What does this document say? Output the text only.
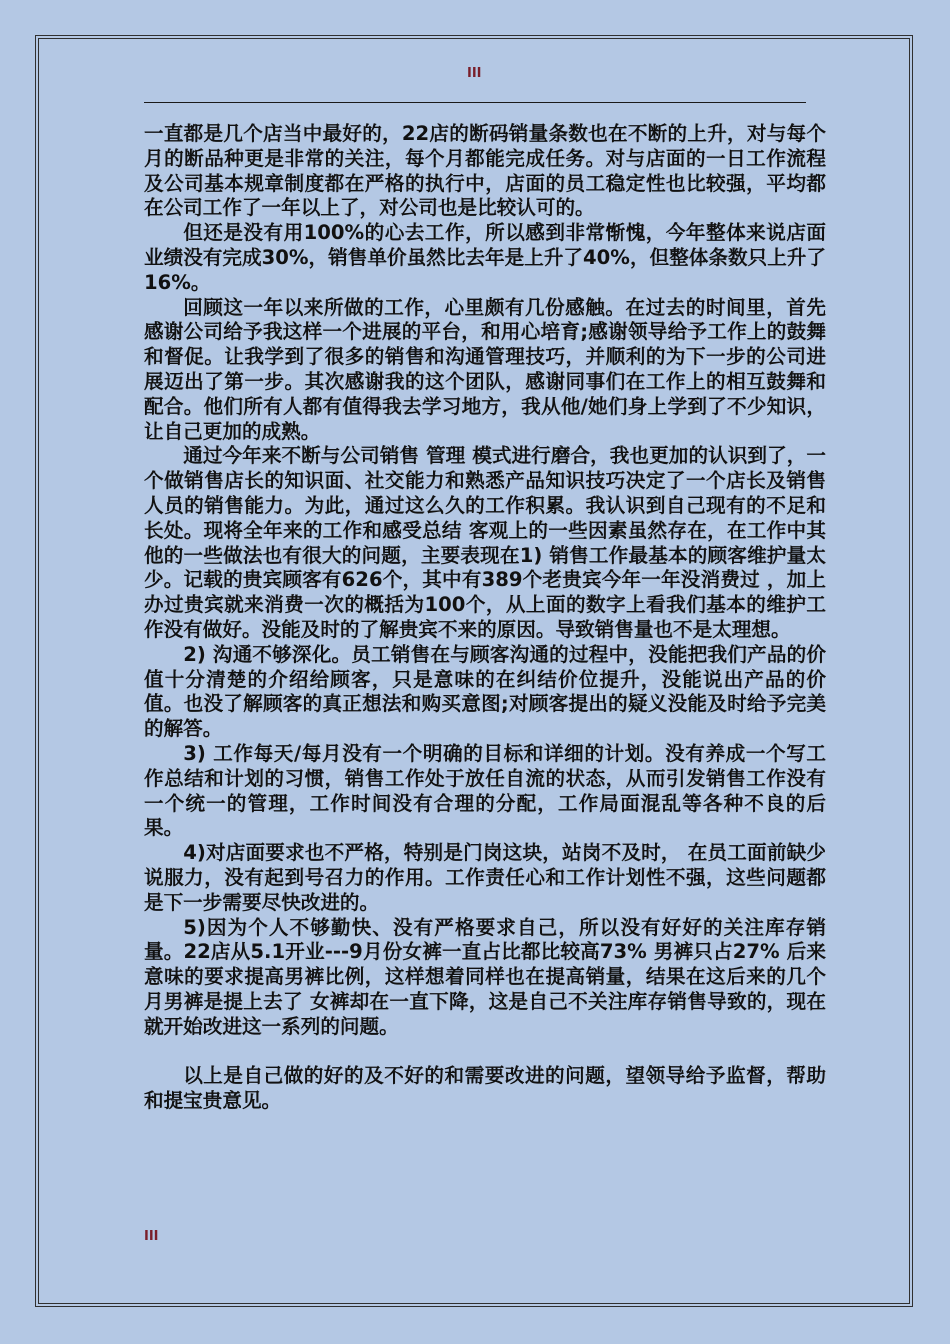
III

一直都是几个店当中最好的，22店的断码销量条数也在不断的上升，对与每个月的断品种更是非常的关注，每个月都能完成任务。对与店面的一日工作流程及公司基本规章制度都在严格的执行中，店面的员工稳定性也比较强，平均都在公司工作了一年以上了，对公司也是比较认可的。

但还是没有用100%的心去工作，所以感到非常惭愧，今年整体来说店面业绩没有完成30%，销售单价虽然比去年是上升了40%，但整体条数只上升了16%。

回顾这一年以来所做的工作，心里颇有几份感触。在过去的时间里，首先感谢公司给予我这样一个进展的平台，和用心培育;感谢领导给予工作上的鼓舞和督促。让我学到了很多的销售和沟通管理技巧，并顺利的为下一步的公司进展迈出了第一步。其次感谢我的这个团队，感谢同事们在工作上的相互鼓舞和配合。他们所有人都有值得我去学习地方，我从他/她们身上学到了不少知识，让自己更加的成熟。

通过今年来不断与公司销售 管理 模式进行磨合，我也更加的认识到了，一个做销售店长的知识面、社交能力和熟悉产品知识技巧决定了一个店长及销售人员的销售能力。为此，通过这么久的工作积累。我认识到自己现有的不足和长处。现将全年来的工作和感受总结 客观上的一些因素虽然存在，在工作中其他的一些做法也有很大的问题，主要表现在1) 销售工作最基本的顾客维护量太少。记载的贵宾顾客有626个，其中有389个老贵宾今年一年没消费过 ，加上办过贵宾就来消费一次的概括为100个，从上面的数字上看我们基本的维护工作没有做好。没能及时的了解贵宾不来的原因。导致销售量也不是太理想。

2) 沟通不够深化。员工销售在与顾客沟通的过程中，没能把我们产品的价值十分清楚的介绍给顾客，只是意味的在纠结价位提升，没能说出产品的价值。也没了解顾客的真正想法和购买意图;对顾客提出的疑义没能及时给予完美的解答。

3) 工作每天/每月没有一个明确的目标和详细的计划。没有养成一个写工作总结和计划的习惯，销售工作处于放任自流的状态，从而引发销售工作没有一个统一的管理，工作时间没有合理的分配，工作局面混乱等各种不良的后果。

4)对店面要求也不严格，特别是门岗这块，站岗不及时， 在员工面前缺少说服力，没有起到号召力的作用。工作责任心和工作计划性不强，这些问题都是下一步需要尽快改进的。

5)因为个人不够勤快、没有严格要求自己，所以没有好好的关注库存销量。22店从5.1开业---9月份女裤一直占比都比较高73% 男裤只占27% 后来意味的要求提高男裤比例，这样想着同样也在提高销量，结果在这后来的几个月男裤是提上去了 女裤却在一直下降，这是自己不关注库存销售导致的，现在就开始改进这一系列的问题。

以上是自己做的好的及不好的和需要改进的问题，望领导给予监督，帮助和提宝贵意见。

III
